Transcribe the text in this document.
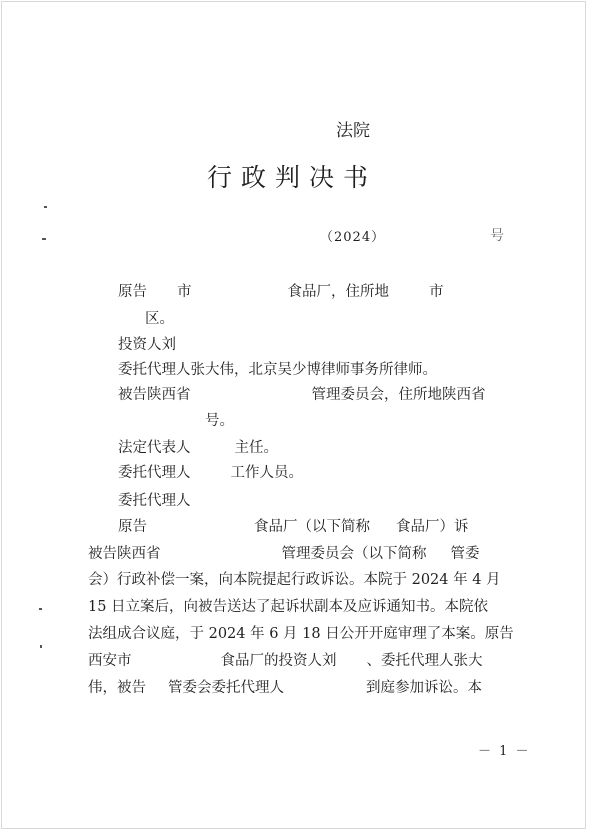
法院
行政判决书
（2024）	号
原告 市	食品厂，住所地	市
区。
投资人刘
委托代理人张大伟，北京吴少博律师事务所律师。
被告陕西省	管理委员会，住所地陕西省
号。
法定代表人	主任。
委托代理人	工作人员。
委托代理人
原告	食品厂（以下简称 食品厂）诉
被告陕西省	管理委员会（以下简称 管委
会）行政补偿一案，向本院提起行政诉讼。本院于 2024 年 4 月
15 日立案后，向被告送达了起诉状副本及应诉通知书。本院依
法组成合议庭，于 2024 年 6 月 18 日公开开庭审理了本案。原告
西安市	食品厂的投资人刘 、委托代理人张大
伟，被告 管委会委托代理人	到庭参加诉讼。本
－ 1 －
